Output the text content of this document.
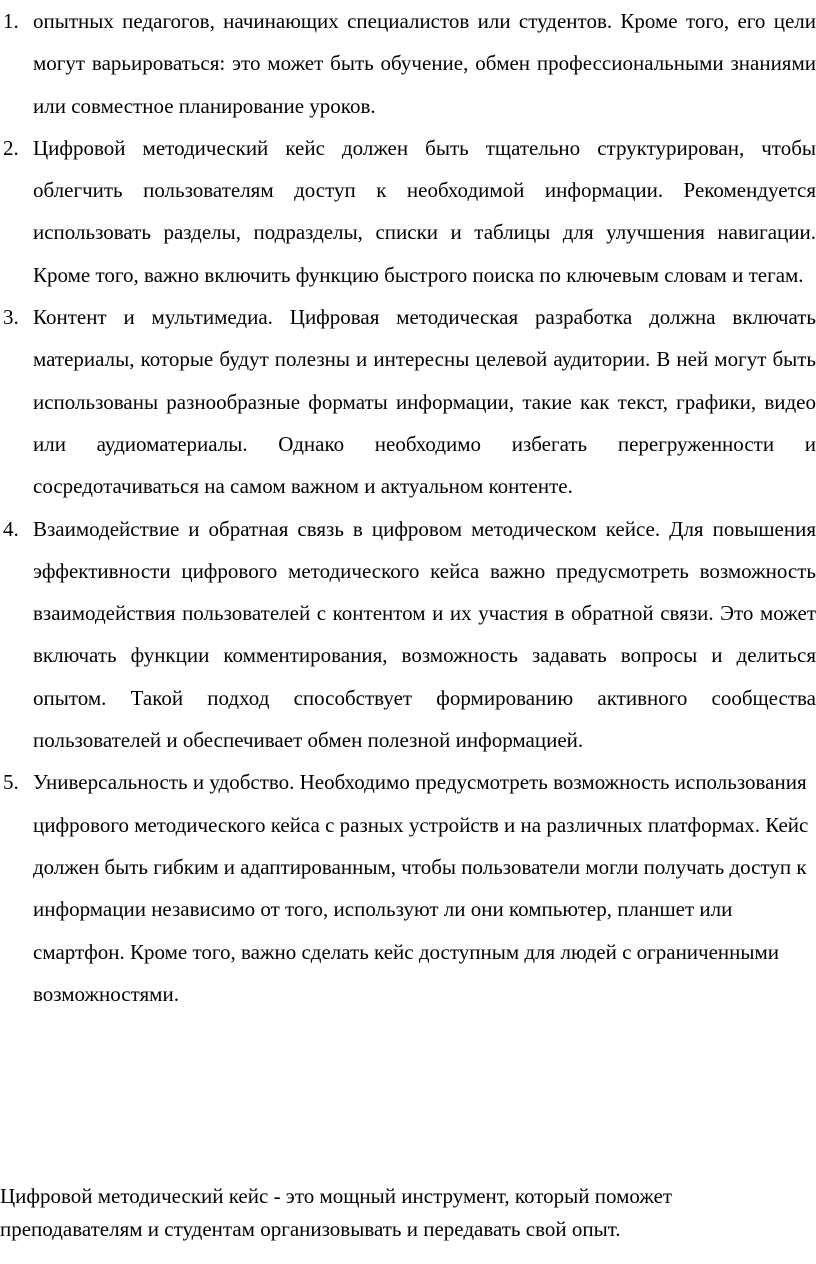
1. опытных педагогов, начинающих специалистов или студентов. Кроме того, его цели могут варьироваться: это может быть обучение, обмен профессиональными знаниями или совместное планирование уроков.
2. Цифровой методический кейс должен быть тщательно структурирован, чтобы облегчить пользователям доступ к необходимой информации. Рекомендуется использовать разделы, подразделы, списки и таблицы для улучшения навигации. Кроме того, важно включить функцию быстрого поиска по ключевым словам и тегам.
3. Контент и мультимедиа. Цифровая методическая разработка должна включать материалы, которые будут полезны и интересны целевой аудитории. В ней могут быть использованы разнообразные форматы информации, такие как текст, графики, видео или аудиоматериалы. Однако необходимо избегать перегруженности и сосредотачиваться на самом важном и актуальном контенте.
4. Взаимодействие и обратная связь в цифровом методическом кейсе. Для повышения эффективности цифрового методического кейса важно предусмотреть возможность взаимодействия пользователей с контентом и их участия в обратной связи. Это может включать функции комментирования, возможность задавать вопросы и делиться опытом. Такой подход способствует формированию активного сообщества пользователей и обеспечивает обмен полезной информацией.
5. Универсальность и удобство. Необходимо предусмотреть возможность использования цифрового методического кейса с разных устройств и на различных платформах. Кейс должен быть гибким и адаптированным, чтобы пользователи могли получать доступ к информации независимо от того, используют ли они компьютер, планшет или смартфон. Кроме того, важно сделать кейс доступным для людей с ограниченными возможностями.

Цифровой методический кейс - это мощный инструмент, который поможет преподавателям и студентам организовывать и передавать свой опыт.
